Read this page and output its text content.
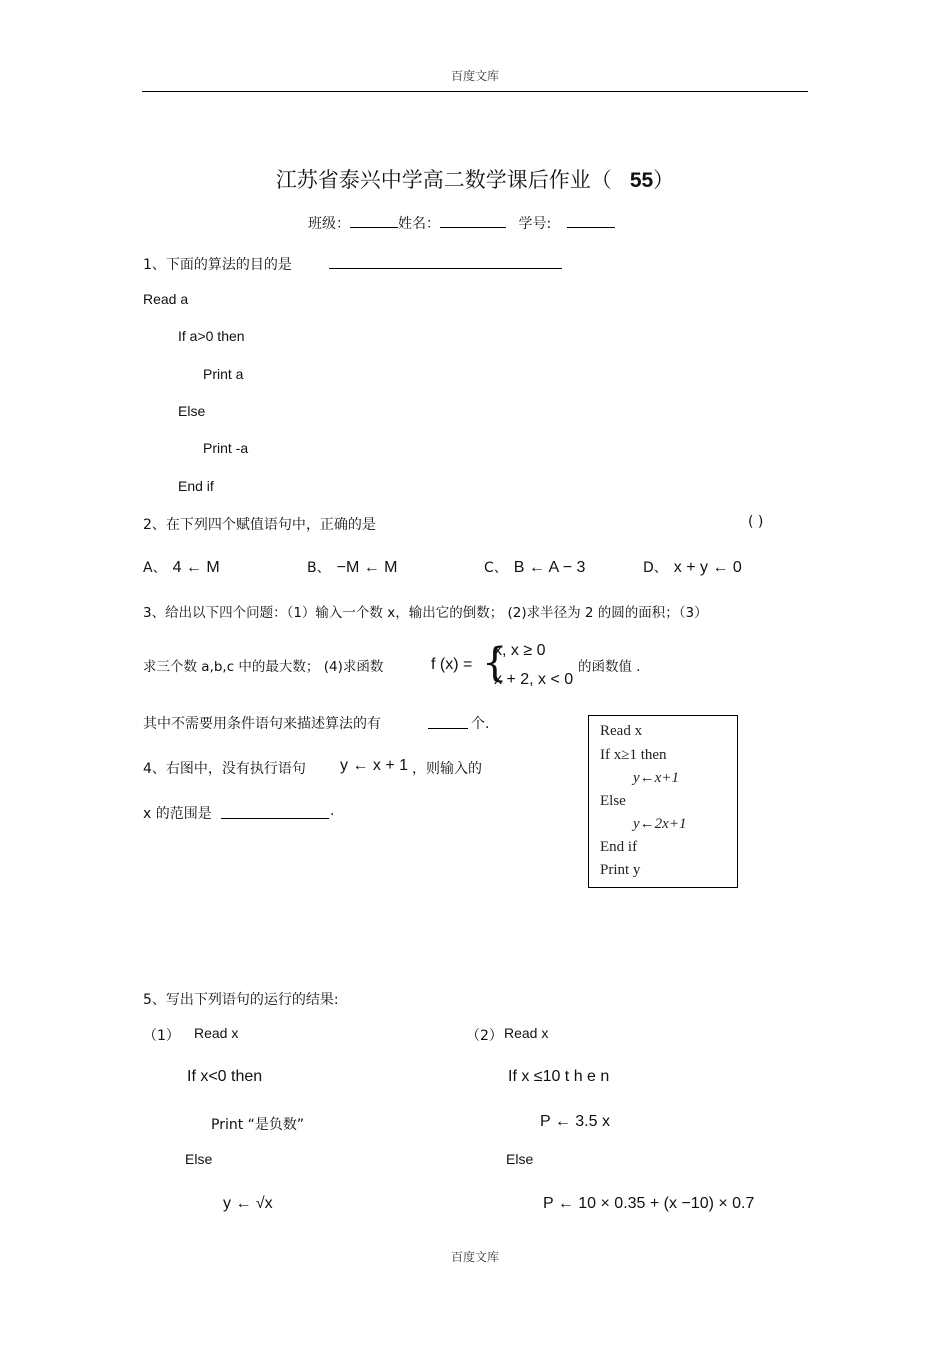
百度文库
江苏省泰兴中学高二数学课后作业（ 55）
班级：	姓名：	学号:
1、下面的算法的目的是
Read a
If a>0 then
Print a
Else
Print -a
End if
2、在下列四个赋值语句中，正确的是	( )
A、 4 ← M	B、 −M ← M	C、 B ← A − 3	D、 x + y ← 0
3、给出以下四个问题：（1）输入一个数 x，输出它的倒数； (2)求半径为 2 的圆的面积；（3）
求三个数 a,b,c 中的最大数； (4)求函数	f (x) = {
x, x ≥ 0
x + 2, x < 0
的函数值 .
其中不需要用条件语句来描述算法的有	个.
4、右图中，没有执行语句 y ← x + 1 ，则输入的
x 的范围是	.
Read x
If x≥1 then
y←x+1
Else
y←2x+1
End if
Print y
5、写出下列语句的运行的结果:
（1） Read x
If x<0 then
Print “是负数”
Else
y ← √x
（2） Read x
If x ≤10 t h e n
P ← 3.5 x
Else
P ← 10 × 0.35 + (x −10) × 0.7
百度文库
